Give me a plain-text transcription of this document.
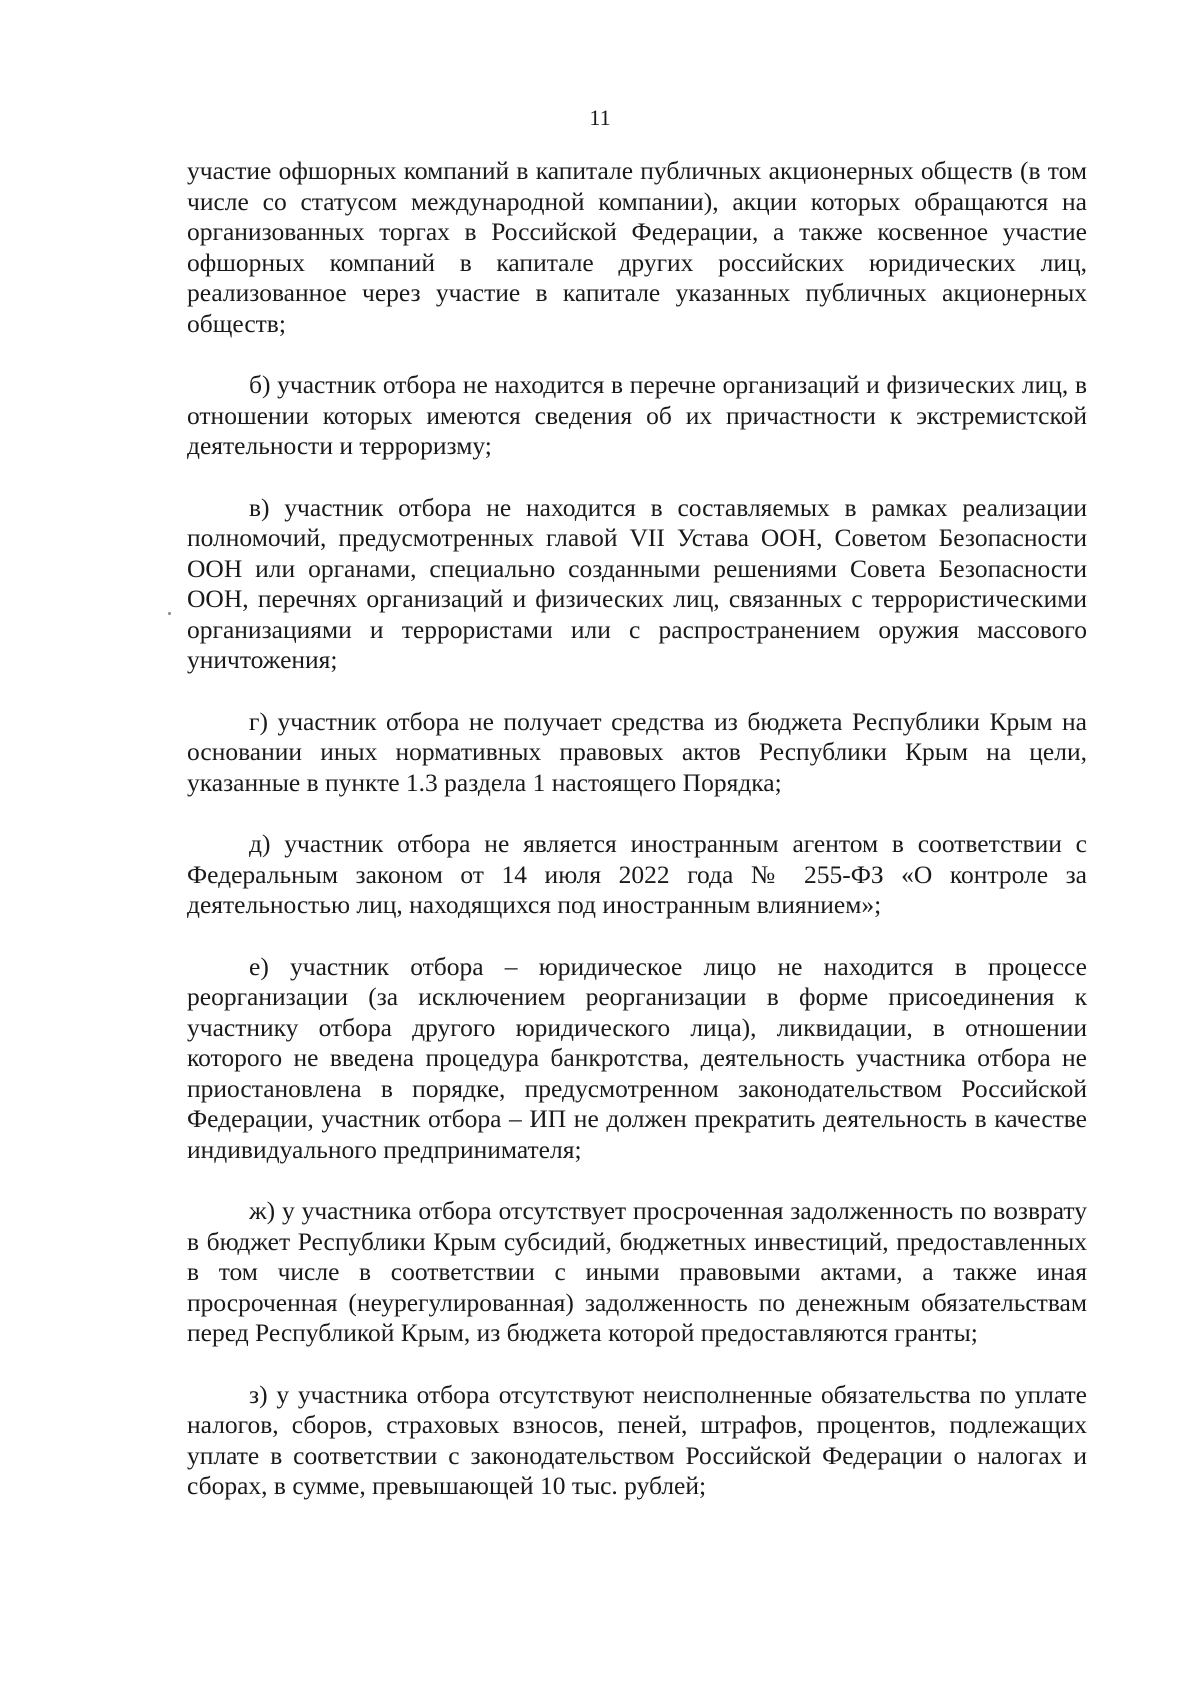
11

участие офшорных компаний в капитале публичных акционерных обществ (в том числе со статусом международной компании), акции которых обращаются на организованных торгах в Российской Федерации, а также косвенное участие офшорных компаний в капитале других российских юридических лиц, реализованное через участие в капитале указанных публичных акционерных обществ;

б) участник отбора не находится в перечне организаций и физических лиц, в отношении которых имеются сведения об их причастности к экстремистской деятельности и терроризму;

в) участник отбора не находится в составляемых в рамках реализации полномочий, предусмотренных главой VII Устава ООН, Советом Безопасности ООН или органами, специально созданными решениями Совета Безопасности ООН, перечнях организаций и физических лиц, связанных с террористическими организациями и террористами или с распространением оружия массового уничтожения;

г) участник отбора не получает средства из бюджета Республики Крым на основании иных нормативных правовых актов Республики Крым на цели, указанные в пункте 1.3 раздела 1 настоящего Порядка;

д) участник отбора не является иностранным агентом в соответствии с Федеральным законом от 14 июля 2022 года № 255-ФЗ «О контроле за деятельностью лиц, находящихся под иностранным влиянием»;

е) участник отбора – юридическое лицо не находится в процессе реорганизации (за исключением реорганизации в форме присоединения к участнику отбора другого юридического лица), ликвидации, в отношении которого не введена процедура банкротства, деятельность участника отбора не приостановлена в порядке, предусмотренном законодательством Российской Федерации, участник отбора – ИП не должен прекратить деятельность в качестве индивидуального предпринимателя;

ж) у участника отбора отсутствует просроченная задолженность по возврату в бюджет Республики Крым субсидий, бюджетных инвестиций, предоставленных в том числе в соответствии с иными правовыми актами, а также иная просроченная (неурегулированная) задолженность по денежным обязательствам перед Республикой Крым, из бюджета которой предоставляются гранты;

з) у участника отбора отсутствуют неисполненные обязательства по уплате налогов, сборов, страховых взносов, пеней, штрафов, процентов, подлежащих уплате в соответствии с законодательством Российской Федерации о налогах и сборах, в сумме, превышающей 10 тыс. рублей;
